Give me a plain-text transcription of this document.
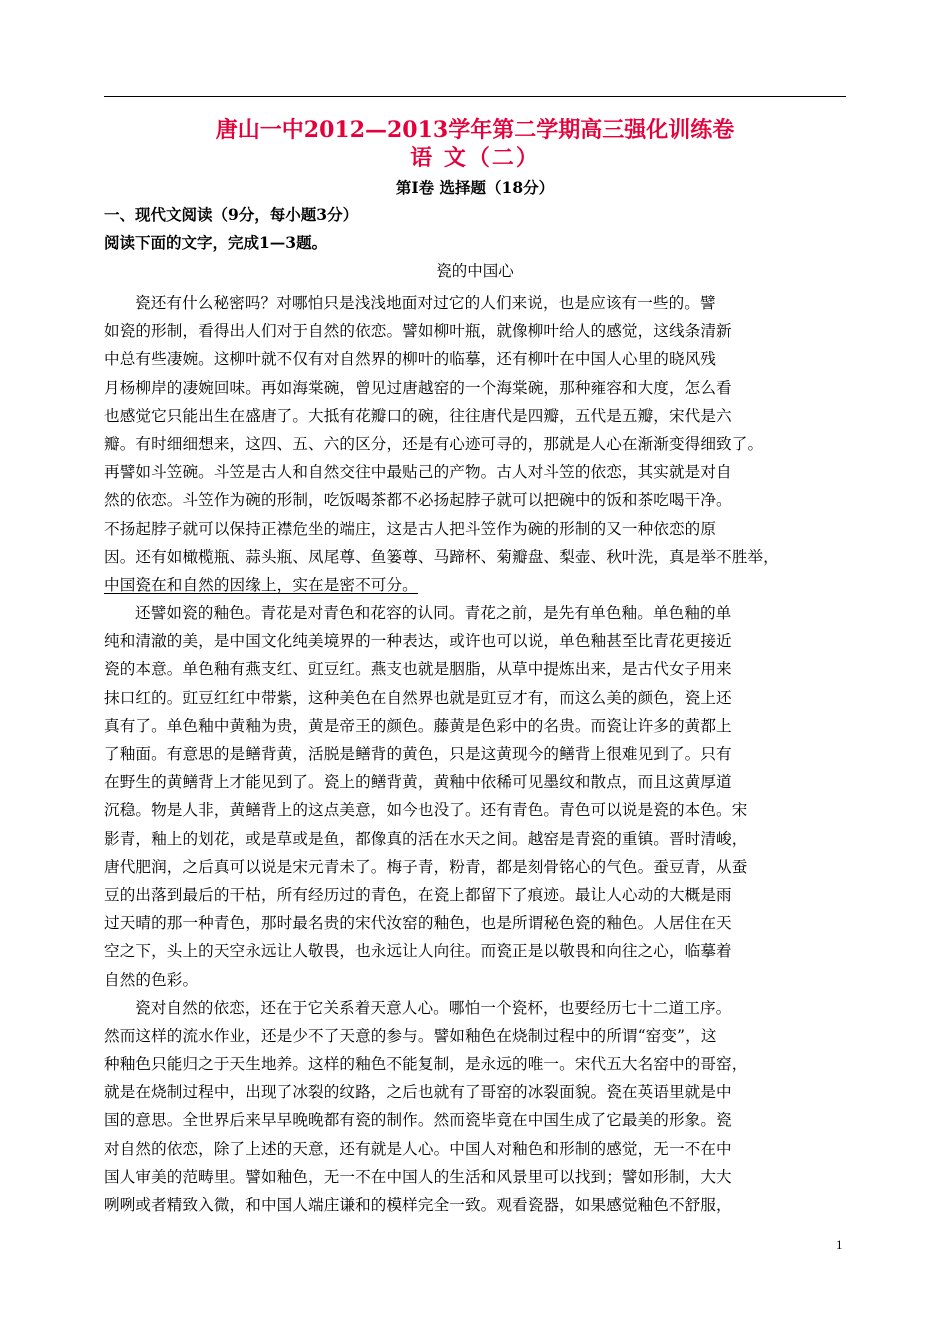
唐山一中2012—2013学年第二学期高三强化训练卷
语 文（二）
第Ⅰ卷 选择题（18分）
一、现代文阅读（9分，每小题3分）
阅读下面的文字，完成1—3题。
瓷的中国心
瓷还有什么秘密吗？对哪怕只是浅浅地面对过它的人们来说，也是应该有一些的。譬
如瓷的形制，看得出人们对于自然的依恋。譬如柳叶瓶，就像柳叶给人的感觉，这线条清新
中总有些凄婉。这柳叶就不仅有对自然界的柳叶的临摹，还有柳叶在中国人心里的晓风残
月杨柳岸的凄婉回味。再如海棠碗，曾见过唐越窑的一个海棠碗，那种雍容和大度，怎么看
也感觉它只能出生在盛唐了。大抵有花瓣口的碗，往往唐代是四瓣，五代是五瓣，宋代是六
瓣。有时细细想来，这四、五、六的区分，还是有心迹可寻的，那就是人心在渐渐变得细致了。
再譬如斗笠碗。斗笠是古人和自然交往中最贴己的产物。古人对斗笠的依恋，其实就是对自
然的依恋。斗笠作为碗的形制，吃饭喝茶都不必扬起脖子就可以把碗中的饭和茶吃喝干净。
不扬起脖子就可以保持正襟危坐的端庄，这是古人把斗笠作为碗的形制的又一种依恋的原
因。还有如橄榄瓶、蒜头瓶、凤尾尊、鱼篓尊、马蹄杯、菊瓣盘、梨壶、秋叶洗，真是举不胜举，
中国瓷在和自然的因缘上，实在是密不可分。
还譬如瓷的釉色。青花是对青色和花容的认同。青花之前，是先有单色釉。单色釉的单
纯和清澈的美，是中国文化纯美境界的一种表达，或许也可以说，单色釉甚至比青花更接近
瓷的本意。单色釉有燕支红、豇豆红。燕支也就是胭脂，从草中提炼出来，是古代女子用来
抹口红的。豇豆红红中带紫，这种美色在自然界也就是豇豆才有，而这么美的颜色，瓷上还
真有了。单色釉中黄釉为贵，黄是帝王的颜色。藤黄是色彩中的名贵。而瓷让许多的黄都上
了釉面。有意思的是鳝背黄，活脱是鳝背的黄色，只是这黄现今的鳝背上很难见到了。只有
在野生的黄鳝背上才能见到了。瓷上的鳝背黄，黄釉中依稀可见墨纹和散点，而且这黄厚道
沉稳。物是人非，黄鳝背上的这点美意，如今也没了。还有青色。青色可以说是瓷的本色。宋
影青，釉上的划花，或是草或是鱼，都像真的活在水天之间。越窑是青瓷的重镇。晋时清峻，
唐代肥润，之后真可以说是宋元青未了。梅子青，粉青，都是刻骨铭心的气色。蚕豆青，从蚕
豆的出落到最后的干枯，所有经历过的青色，在瓷上都留下了痕迹。最让人心动的大概是雨
过天晴的那一种青色，那时最名贵的宋代汝窑的釉色，也是所谓秘色瓷的釉色。人居住在天
空之下，头上的天空永远让人敬畏，也永远让人向往。而瓷正是以敬畏和向往之心，临摹着
自然的色彩。
瓷对自然的依恋，还在于它关系着天意人心。哪怕一个瓷杯，也要经历七十二道工序。
然而这样的流水作业，还是少不了天意的参与。譬如釉色在烧制过程中的所谓“窑变”，这
种釉色只能归之于天生地养。这样的釉色不能复制，是永远的唯一。宋代五大名窑中的哥窑，
就是在烧制过程中，出现了冰裂的纹路，之后也就有了哥窑的冰裂面貌。瓷在英语里就是中
国的意思。全世界后来早早晚晚都有瓷的制作。然而瓷毕竟在中国生成了它最美的形象。瓷
对自然的依恋，除了上述的天意，还有就是人心。中国人对釉色和形制的感觉，无一不在中
国人审美的范畴里。譬如釉色，无一不在中国人的生活和风景里可以找到；譬如形制，大大
咧咧或者精致入微，和中国人端庄谦和的模样完全一致。观看瓷器，如果感觉釉色不舒服，
1
